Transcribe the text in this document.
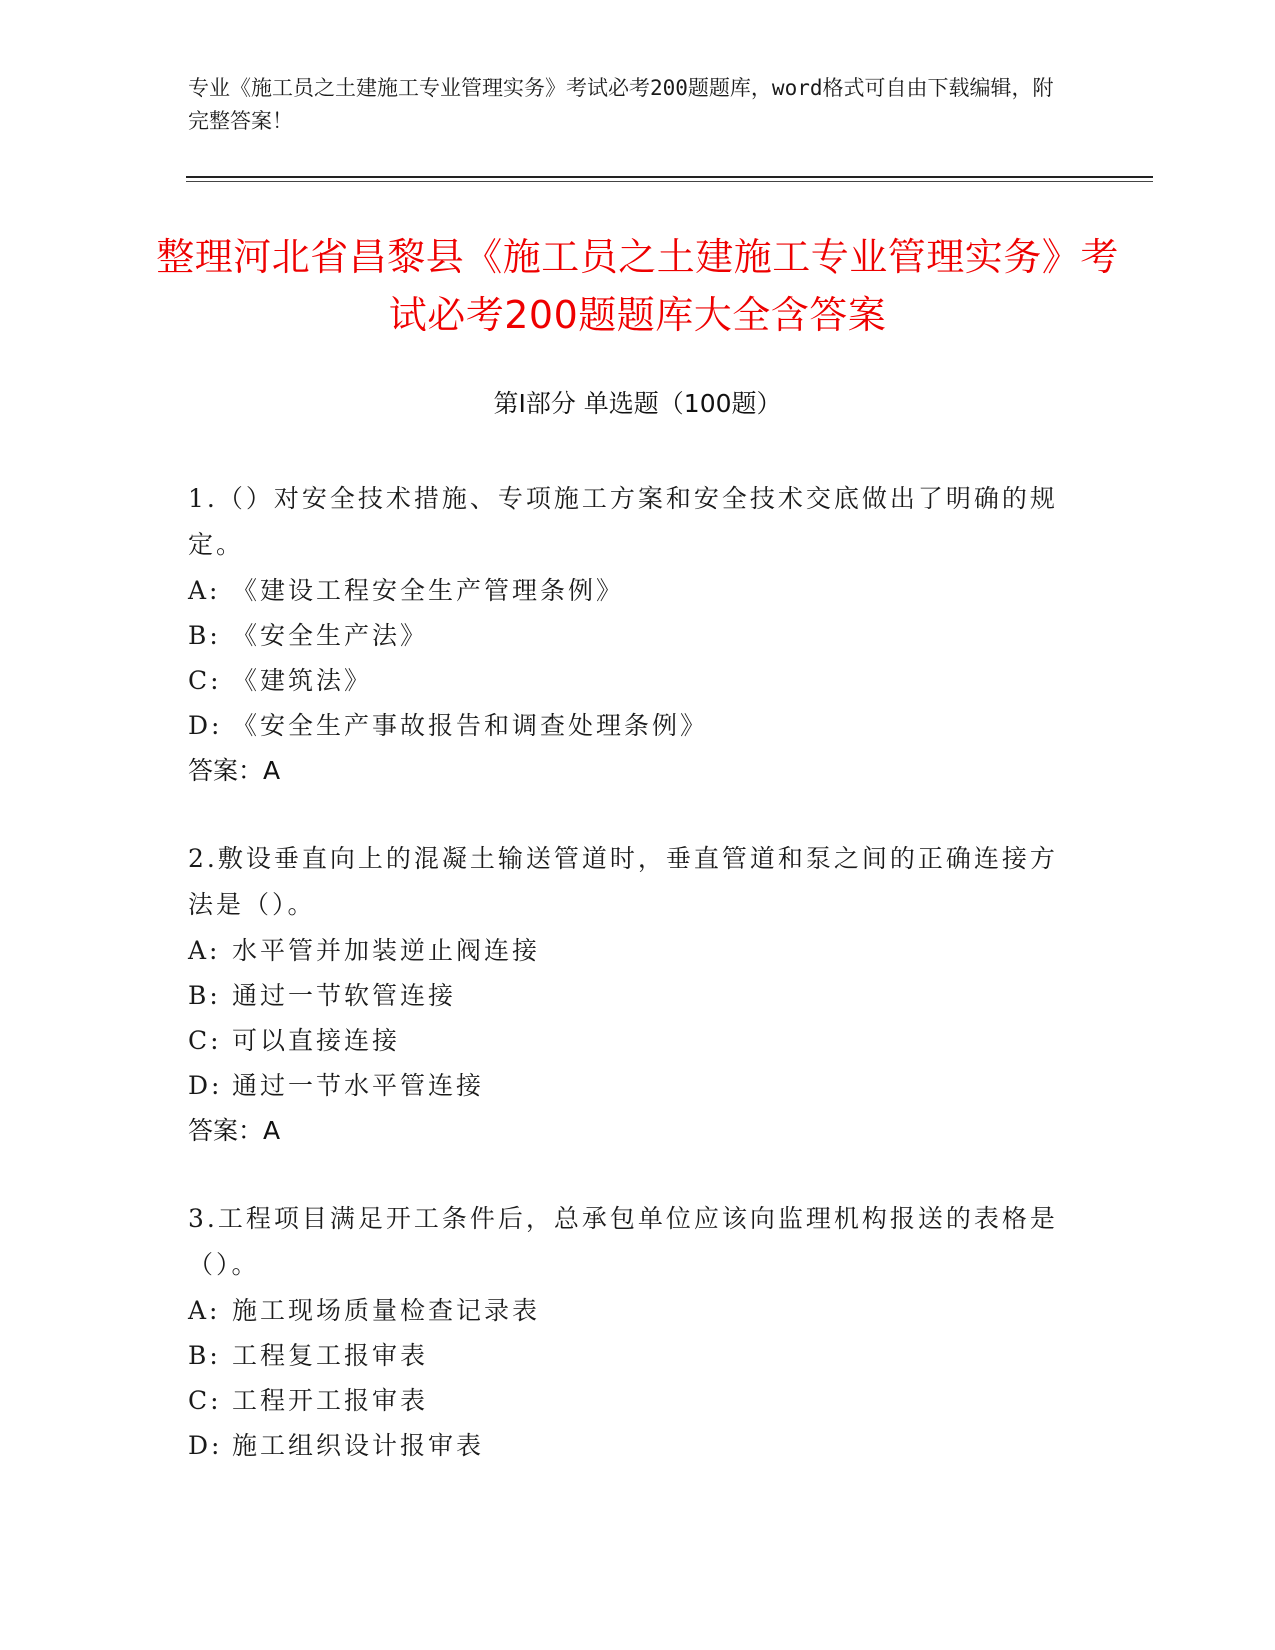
专业《施工员之土建施工专业管理实务》考试必考200题题库，word格式可自由下载编辑，附完整答案！
整理河北省昌黎县《施工员之土建施工专业管理实务》考试必考200题题库大全含答案
第Ⅰ部分 单选题（100题）
1.（）对安全技术措施、专项施工方案和安全技术交底做出了明确的规定。
A: 《建设工程安全生产管理条例》
B: 《安全生产法》
C: 《建筑法》
D: 《安全生产事故报告和调查处理条例》
答案：A
2.敷设垂直向上的混凝土输送管道时，垂直管道和泵之间的正确连接方法是（）。
A: 水平管并加装逆止阀连接
B: 通过一节软管连接
C: 可以直接连接
D: 通过一节水平管连接
答案：A
3.工程项目满足开工条件后，总承包单位应该向监理机构报送的表格是（）。
A: 施工现场质量检查记录表
B: 工程复工报审表
C: 工程开工报审表
D: 施工组织设计报审表
